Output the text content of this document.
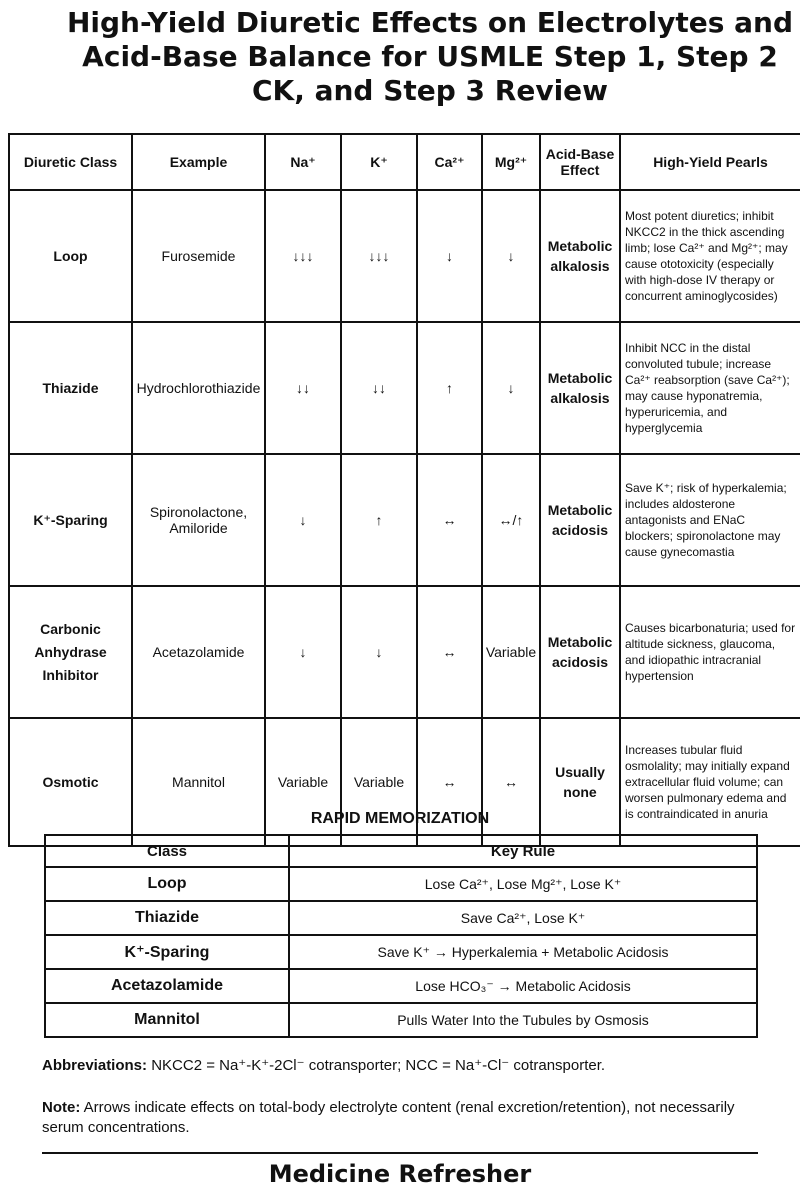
High-Yield Diuretic Effects on Electrolytes and Acid-Base Balance for USMLE Step 1, Step 2 CK, and Step 3 Review
Diuretic Class	Example	Na⁺	K⁺	Ca²⁺	Mg²⁺	Acid-Base Effect	High-Yield Pearls
Loop	Furosemide	↓↓↓	↓↓↓	↓	↓	Metabolic alkalosis	Most potent diuretics; inhibit NKCC2 in the thick ascending limb; lose Ca²⁺ and Mg²⁺; may cause ototoxicity (especially with high-dose IV therapy or concurrent aminoglycosides)
Thiazide	Hydrochlorothiazide	↓↓	↓↓	↑	↓	Metabolic alkalosis	Inhibit NCC in the distal convoluted tubule; increase Ca²⁺ reabsorption (save Ca²⁺); may cause hyponatremia, hyperuricemia, and hyperglycemia
K⁺-Sparing	Spironolactone, Amiloride	↓	↑	↔	↔/↑	Metabolic acidosis	Save K⁺; risk of hyperkalemia; includes aldosterone antagonists and ENaC blockers; spironolactone may cause gynecomastia
Carbonic Anhydrase Inhibitor	Acetazolamide	↓	↓	↔	Variable	Metabolic acidosis	Causes bicarbonaturia; used for altitude sickness, glaucoma, and idiopathic intracranial hypertension
Osmotic	Mannitol	Variable	Variable	↔	↔	Usually none	Increases tubular fluid osmolality; may initially expand extracellular fluid volume; can worsen pulmonary edema and is contraindicated in anuria
RAPID MEMORIZATION
Class	Key Rule
Loop	Lose Ca²⁺, Lose Mg²⁺, Lose K⁺
Thiazide	Save Ca²⁺, Lose K⁺
K⁺-Sparing	Save K⁺ → Hyperkalemia + Metabolic Acidosis
Acetazolamide	Lose HCO₃⁻ → Metabolic Acidosis
Mannitol	Pulls Water Into the Tubules by Osmosis
Abbreviations: NKCC2 = Na⁺-K⁺-2Cl⁻ cotransporter; NCC = Na⁺-Cl⁻ cotransporter.
Note: Arrows indicate effects on total-body electrolyte content (renal excretion/retention), not necessarily serum concentrations.
Medicine Refresher
